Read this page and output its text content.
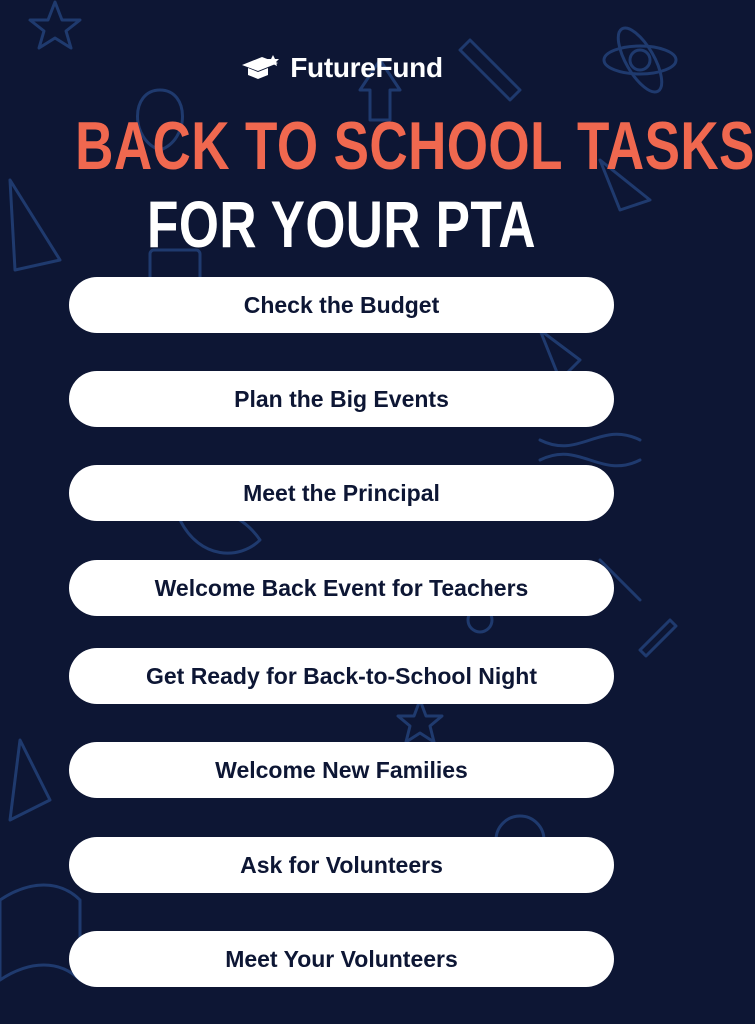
FutureFund
BACK TO SCHOOL TASKS
FOR YOUR PTA
Check the Budget
Plan the Big Events
Meet the Principal
Welcome Back Event for Teachers
Get Ready for Back-to-School Night
Welcome New Families
Ask for Volunteers
Meet Your Volunteers
